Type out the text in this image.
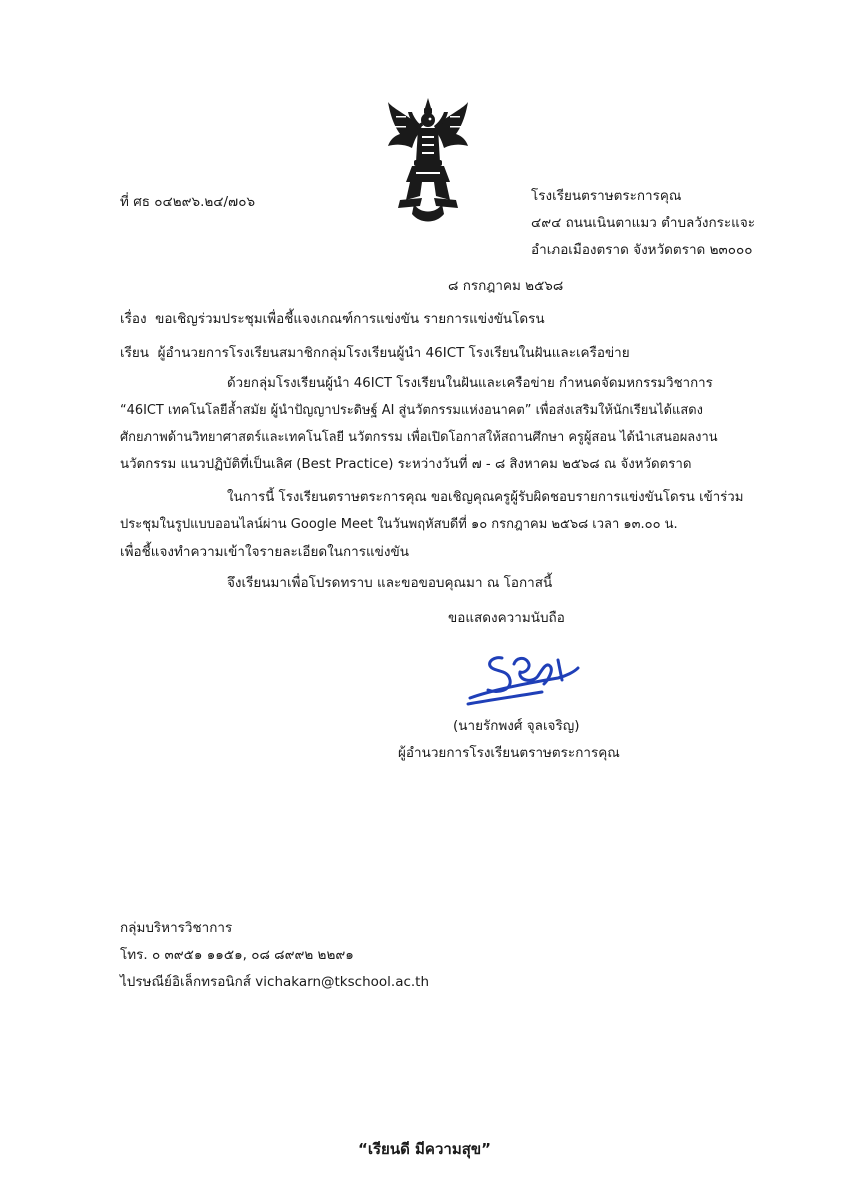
ที่ ศธ ๐๔๒๙๖.๒๔/๗๐๖	โรงเรียนตราษตระการคุณ
๔๙๔ ถนนเนินตาแมว ตำบลวังกระแจะ
อำเภอเมืองตราด จังหวัดตราด ๒๓๐๐๐
๘ กรกฎาคม ๒๕๖๘
เรื่อง ขอเชิญร่วมประชุมเพื่อชี้แจงเกณฑ์การแข่งขัน รายการแข่งขันโดรน
เรียน ผู้อำนวยการโรงเรียนสมาชิกกลุ่มโรงเรียนผู้นำ 46ICT โรงเรียนในฝันและเครือข่าย
ด้วยกลุ่มโรงเรียนผู้นำ 46ICT โรงเรียนในฝันและเครือข่าย กำหนดจัดมหกรรมวิชาการ
“46ICT เทคโนโลยีล้ำสมัย ผู้นำปัญญาประดิษฐ์ AI สู่นวัตกรรมแห่งอนาคต” เพื่อส่งเสริมให้นักเรียนได้แสดง
ศักยภาพด้านวิทยาศาสตร์และเทคโนโลยี นวัตกรรม เพื่อเปิดโอกาสให้สถานศึกษา ครูผู้สอน ได้นำเสนอผลงาน
นวัตกรรม แนวปฏิบัติที่เป็นเลิศ (Best Practice) ระหว่างวันที่ ๗ - ๘ สิงหาคม ๒๕๖๘ ณ จังหวัดตราด
ในการนี้ โรงเรียนตราษตระการคุณ ขอเชิญคุณครูผู้รับผิดชอบรายการแข่งขันโดรน เข้าร่วม
ประชุมในรูปแบบออนไลน์ผ่าน Google Meet ในวันพฤหัสบดีที่ ๑๐ กรกฎาคม ๒๕๖๘ เวลา ๑๓.๐๐ น.
เพื่อชี้แจงทำความเข้าใจรายละเอียดในการแข่งขัน
จึงเรียนมาเพื่อโปรดทราบ และขอขอบคุณมา ณ โอกาสนี้
ขอแสดงความนับถือ
(นายรักพงศ์ จุลเจริญ)
ผู้อำนวยการโรงเรียนตราษตระการคุณ
กลุ่มบริหารวิชาการ
โทร. ๐ ๓๙๕๑ ๑๑๕๑, ๐๘ ๘๙๙๒ ๒๒๙๑
ไปรษณีย์อิเล็กทรอนิกส์ vichakarn@tkschool.ac.th
“เรียนดี มีความสุข”
